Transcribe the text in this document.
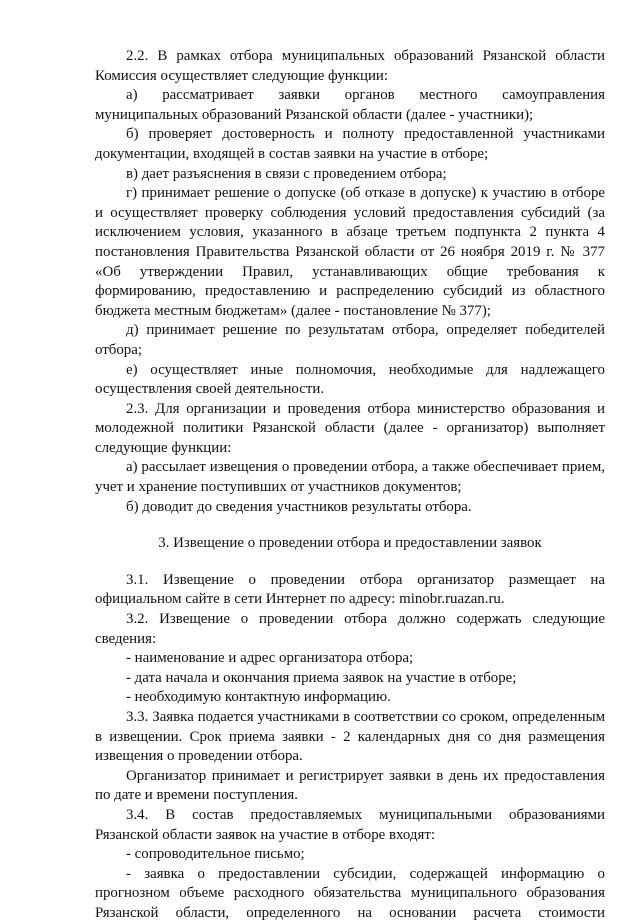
2.2. В рамках отбора муниципальных образований Рязанской области Комиссия осуществляет следующие функции:

а) рассматривает заявки органов местного самоуправления муниципальных образований Рязанской области (далее - участники);

б) проверяет достоверность и полноту предоставленной участниками документации, входящей в состав заявки на участие в отборе;

в) дает разъяснения в связи с проведением отбора;

г) принимает решение о допуске (об отказе в допуске) к участию в отборе и осуществляет проверку соблюдения условий предоставления субсидий (за исключением условия, указанного в абзаце третьем подпункта 2 пункта 4 постановления Правительства Рязанской области от 26 ноября 2019 г. № 377 «Об утверждении Правил, устанавливающих общие требования к формированию, предоставлению и распределению субсидий из областного бюджета местным бюджетам» (далее - постановление № 377);

д) принимает решение по результатам отбора, определяет победителей отбора;

е) осуществляет иные полномочия, необходимые для надлежащего осуществления своей деятельности.

2.3. Для организации и проведения отбора министерство образования и молодежной политики Рязанской области (далее - организатор) выполняет следующие функции:

а) рассылает извещения о проведении отбора, а также обеспечивает прием, учет и хранение поступивших от участников документов;

б) доводит до сведения участников результаты отбора.

3. Извещение о проведении отбора и предоставлении заявок

3.1. Извещение о проведении отбора организатор размещает на официальном сайте в сети Интернет по адресу: minobr.ruazan.ru.

3.2. Извещение о проведении отбора должно содержать следующие сведения:

- наименование и адрес организатора отбора;

- дата начала и окончания приема заявок на участие в отборе;

- необходимую контактную информацию.

3.3. Заявка подается участниками в соответствии со сроком, определенным в извещении. Срок приема заявки - 2 календарных дня со дня размещения извещения о проведении отбора.

Организатор принимает и регистрирует заявки в день их предоставления по дате и времени поступления.

3.4. В состав предоставляемых муниципальными образованиями Рязанской области заявок на участие в отборе входят:

- сопроводительное письмо;

- заявка о предоставлении субсидии, содержащей информацию о прогнозном объеме расходного обязательства муниципального образования Рязанской области, определенного на основании расчета стоимости
